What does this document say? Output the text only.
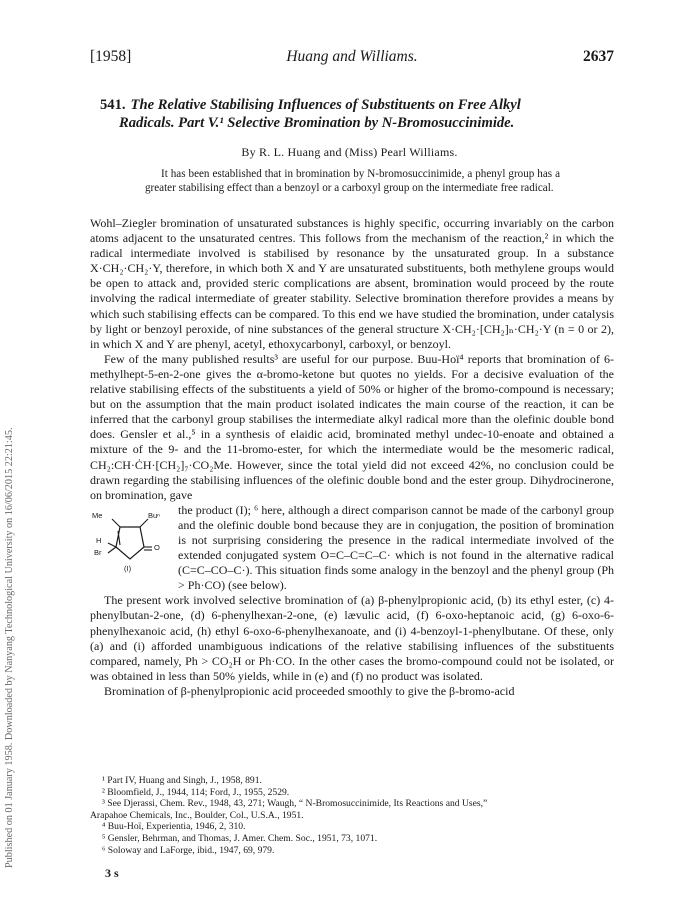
Published on 01 January 1958. Downloaded by Nanyang Technological University on 16/06/2015 22:21:45.
[1958]	Huang and Williams.	2637
541. The Relative Stabilising Influences of Substituents on Free Alkyl
Radicals. Part V.¹ Selective Bromination by N-Bromosuccinimide.
By R. L. Huang and (Miss) Pearl Williams.

It has been established that in bromination by N-bromosuccinimide, a phenyl group has a greater stabilising effect than a benzoyl or a carboxyl group on the intermediate free radical.

Wohl–Ziegler bromination of unsaturated substances is highly specific, occurring invariably on the carbon atoms adjacent to the unsaturated centres. This follows from the mechanism of the reaction,² in which the radical intermediate involved is stabilised by resonance by the unsaturated group. In a substance X·CH₂·CH₂·Y, therefore, in which both X and Y are unsaturated substituents, both methylene groups would be open to attack and, provided steric complications are absent, bromination would proceed by the route involving the radical intermediate of greater stability. Selective bromination therefore provides a means by which such stabilising effects can be compared. To this end we have studied the bromination, under catalysis by light or benzoyl peroxide, of nine substances of the general structure X·CH₂·[CH₂]ₙ·CH₂·Y (n = 0 or 2), in which X and Y are phenyl, acetyl, ethoxycarbonyl, carboxyl, or benzoyl.

Few of the many published results³ are useful for our purpose. Buu-Hoï⁴ reports that bromination of 6-methylhept-5-en-2-one gives the α-bromo-ketone but quotes no yields. For a decisive evaluation of the relative stabilising effects of the substituents a yield of 50% or higher of the bromo-compound is necessary; but on the assumption that the main product isolated indicates the main course of the reaction, it can be inferred that the carbonyl group stabilises the intermediate alkyl radical more than the olefinic double bond does. Gensler et al.,⁵ in a synthesis of elaidic acid, brominated methyl undec-10-enoate and obtained a mixture of the 9- and the 11-bromo-ester, for which the intermediate would be the mesomeric radical, CH₂:CH·ĊH·[CH₂]₇·CO₂Me. However, since the total yield did not exceed 42%, no conclusion could be drawn regarding the stabilising influences of the olefinic double bond and the ester group. Dihydrocinerone, on bromination, gave

Me	Buⁿ
H
Br
O
(I)

the product (I); ⁶ here, although a direct comparison cannot be made of the carbonyl group and the olefinic double bond because they are in conjugation, the position of bromination is not surprising considering the presence in the radical intermediate involved of the extended conjugated system O=C–C=C–C· which is not found in the alternative radical (C=C–CO–C·). This situation finds some analogy in the benzoyl and the phenyl group (Ph > Ph·CO) (see below).

The present work involved selective bromination of (a) β-phenylpropionic acid, (b) its ethyl ester, (c) 4-phenylbutan-2-one, (d) 6-phenylhexan-2-one, (e) lævulic acid, (f) 6-oxo-heptanoic acid, (g) 6-oxo-6-phenylhexanoic acid, (h) ethyl 6-oxo-6-phenylhexanoate, and (i) 4-benzoyl-1-phenylbutane. Of these, only (a) and (i) afforded unambiguous indications of the relative stabilising influences of the substituents compared, namely, Ph > CO₂H or Ph·CO. In the other cases the bromo-compound could not be isolated, or was obtained in less than 50% yields, while in (e) and (f) no product was isolated.

Bromination of β-phenylpropionic acid proceeded smoothly to give the β-bromo-acid

¹ Part IV, Huang and Singh, J., 1958, 891.
² Bloomfield, J., 1944, 114; Ford, J., 1955, 2529.
³ See Djerassi, Chem. Rev., 1948, 43, 271; Waugh, “ N-Bromosuccinimide, Its Reactions and Uses,”
Arapahoe Chemicals, Inc., Boulder, Col., U.S.A., 1951.
⁴ Buu-Hoï, Experientia, 1946, 2, 310.
⁵ Gensler, Behrman, and Thomas, J. Amer. Chem. Soc., 1951, 73, 1071.
⁶ Soloway and LaForge, ibid., 1947, 69, 979.
3 s
